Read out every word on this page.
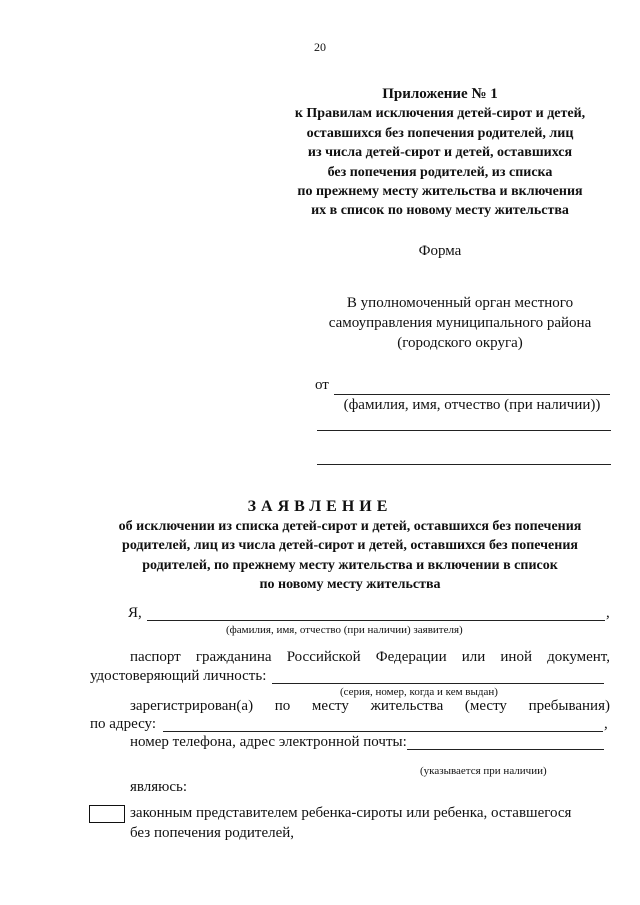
20
Приложение № 1
к Правилам исключения детей-сирот и детей,
оставшихся без попечения родителей, лиц
из числа детей-сирот и детей, оставшихся
без попечения родителей, из списка
по прежнему месту жительства и включения
их в список по новому месту жительства
Форма
В уполномоченный орган местного
самоуправления муниципального района
(городского округа)
от
(фамилия, имя, отчество (при наличии))
ЗАЯВЛЕНИЕ
об исключении из списка детей-сирот и детей, оставшихся без попечения
родителей, лиц из числа детей-сирот и детей, оставшихся без попечения
родителей, по прежнему месту жительства и включении в список
по новому месту жительства
Я,	,
(фамилия, имя, отчество (при наличии) заявителя)
паспорт гражданина Российской Федерации или иной документ,
удостоверяющий личность:
(серия, номер, когда и кем выдан)
зарегистрирован(а) по месту жительства (месту пребывания)
по адресу:	,
номер телефона, адрес электронной почты:
(указывается при наличии)
являюсь:
законным представителем ребенка-сироты или ребенка, оставшегося
без попечения родителей,
